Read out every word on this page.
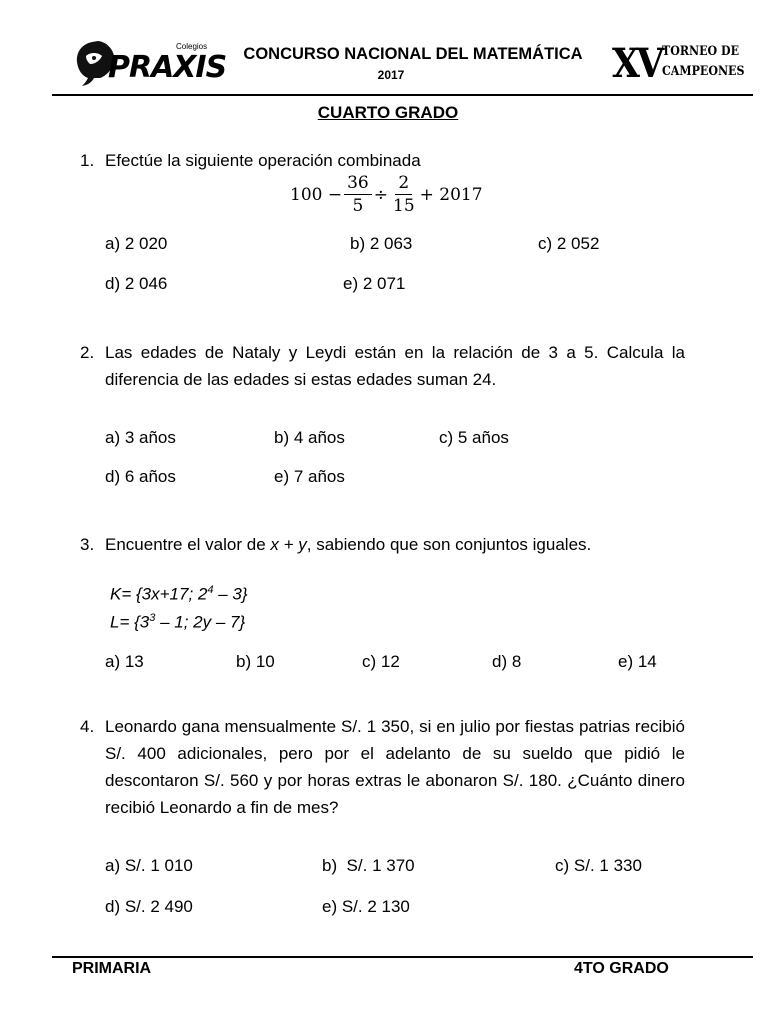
Colegios
PRAXIS	CONCURSO NACIONAL DEL MATEMÁTICA
2017	XV TORNEO DE
CAMPEONES
CUARTO GRADO
1. Efectúe la siguiente operación combinada
$100 - \frac{36}{5} \div \frac{2}{15} + 2017$
a) 2 020	b) 2 063	c) 2 052
d) 2 046	e) 2 071
2. Las edades de Nataly y Leydi están en la relación de 3 a 5. Calcula la diferencia de las edades si estas edades suman 24.
a) 3 años	b) 4 años	c) 5 años
d) 6 años	e) 7 años
3. Encuentre el valor de x + y, sabiendo que son conjuntos iguales.
K= {3x+17; $2^4 - 3$}
$L= \{3^3 - 1$; 2y – 7}
a) 13	b) 10	c) 12	d) 8	e) 14
4. Leonardo gana mensualmente S/. 1 350, si en julio por fiestas patrias recibió S/. 400 adicionales, pero por el adelanto de su sueldo que pidió le descontaron S/. 560 y por horas extras le abonaron S/. 180. ¿Cuánto dinero recibió Leonardo a fin de mes?
a) S/. 1 010	b)  S/. 1 370	c) S/. 1 330
d) S/. 2 490	e) S/. 2 130
PRIMARIA	4TO GRADO
